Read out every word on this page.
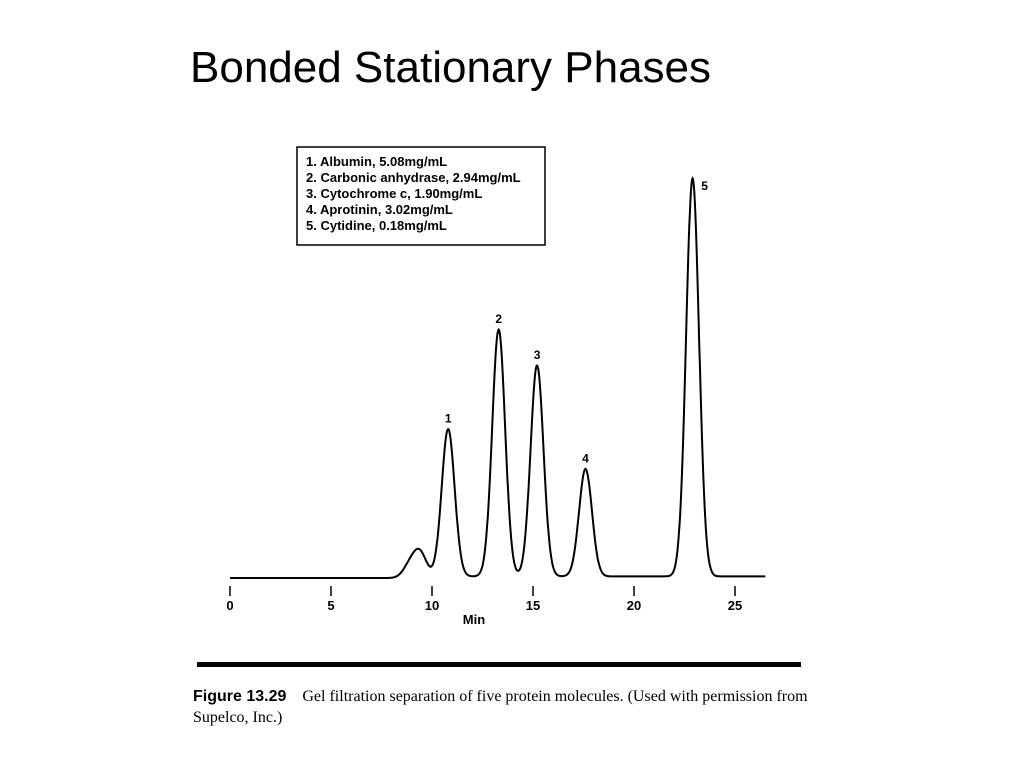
Bonded Stationary Phases
1. Albumin, 5.08mg/mL
2. Carbonic anhydrase, 2.94mg/mL
3. Cytochrome c, 1.90mg/mL
4. Aprotinin, 3.02mg/mL
5. Cytidine, 0.18mg/mL
1
2
3
4
5
0	5	10	15	20	25
Min
Figure 13.29 Gel filtration separation of five protein molecules. (Used with permission from Supelco, Inc.)
